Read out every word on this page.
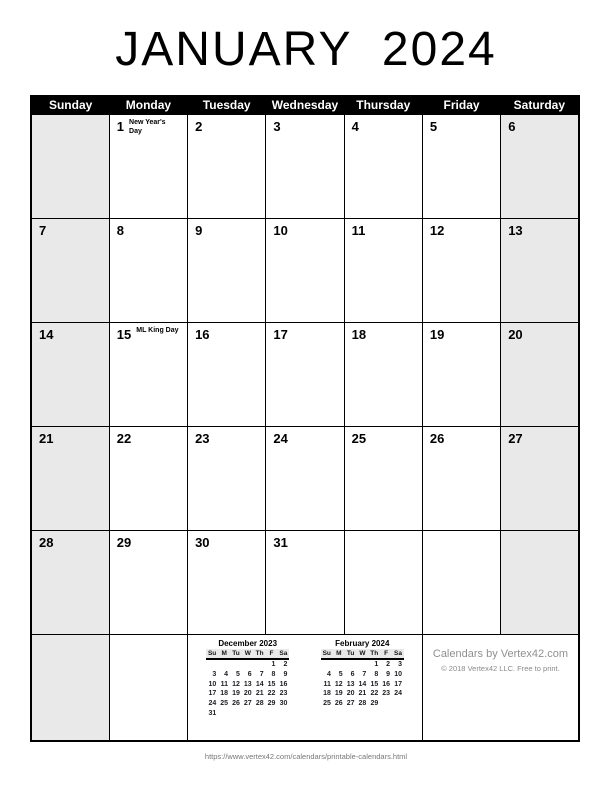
JANUARY 2024
Sunday	Monday	Tuesday	Wednesday	Thursday	Friday	Saturday
	1 New Year's Day	2	3	4	5	6
7	8	9	10	11	12	13
14	15 ML King Day	16	17	18	19	20
21	22	23	24	25	26	27
28	29	30	31			

December 2023
Su	M	Tu	W	Th	F	Sa
					1	2
3	4	5	6	7	8	9
10	11	12	13	14	15	16
17	18	19	20	21	22	23
24	25	26	27	28	29	30
31						
February 2024
Su	M	Tu	W	Th	F	Sa
				1	2	3
4	5	6	7	8	9	10
11	12	13	14	15	16	17
18	19	20	21	22	23	24
25	26	27	28	29		

Calendars by Vertex42.com
© 2018 Vertex42 LLC. Free to print.
https://www.vertex42.com/calendars/printable-calendars.html
